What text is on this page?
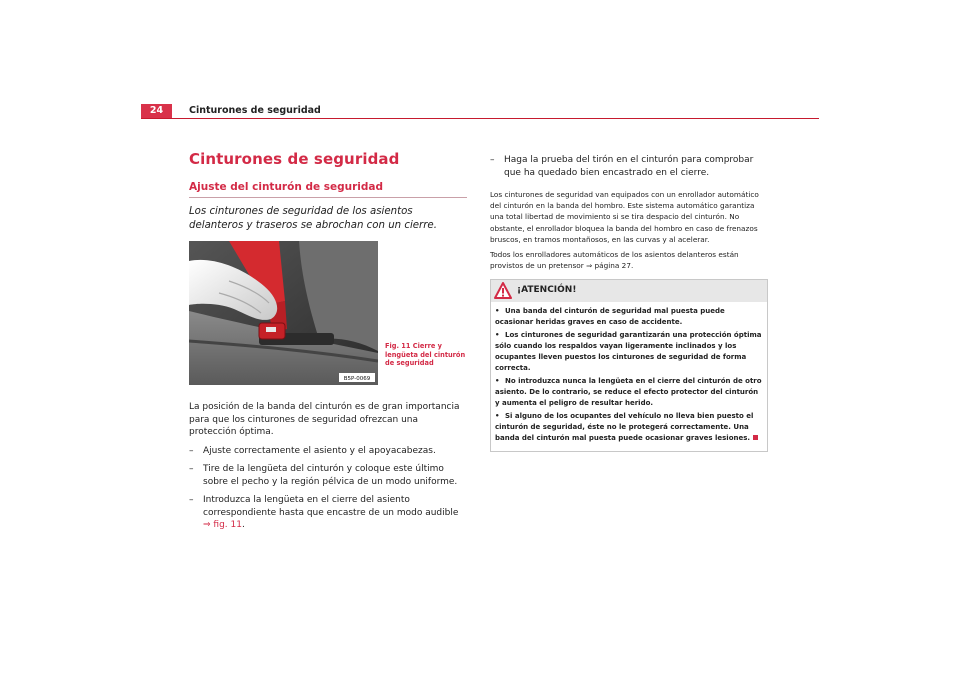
24	Cinturones de seguridad
Cinturones de seguridad
Ajuste del cinturón de seguridad

Los cinturones de seguridad de los asientos delanteros y traseros se abrochan con un cierre.

B5P-0069
Fig. 11 Cierre y lengüeta del cinturón de seguridad

La posición de la banda del cinturón es de gran importancia para que los cinturones de seguridad ofrezcan una protección óptima.

– Ajuste correctamente el asiento y el apoyacabezas.
– Tire de la lengüeta del cinturón y coloque este último sobre el pecho y la región pélvica de un modo uniforme.
– Introduzca la lengüeta en el cierre del asiento correspondiente hasta que encastre de un modo audible ⇒ fig. 11.
– Haga la prueba del tirón en el cinturón para comprobar que ha quedado bien encastrado en el cierre.

Los cinturones de seguridad van equipados con un enrollador automático del cinturón en la banda del hombro. Este sistema automático garantiza una total libertad de movimiento si se tira despacio del cinturón. No obstante, el enrollador bloquea la banda del hombro en caso de frenazos bruscos, en tramos montañosos, en las curvas y al acelerar.

Todos los enrolladores automáticos de los asientos delanteros están provistos de un pretensor ⇒ página 27.

¡ATENCIÓN!

• Una banda del cinturón de seguridad mal puesta puede ocasionar heridas graves en caso de accidente.

• Los cinturones de seguridad garantizarán una protección óptima sólo cuando los respaldos vayan ligeramente inclinados y los ocupantes lleven puestos los cinturones de seguridad de forma correcta.

• No introduzca nunca la lengüeta en el cierre del cinturón de otro asiento. De lo contrario, se reduce el efecto protector del cinturón y aumenta el peligro de resultar herido.

• Si alguno de los ocupantes del vehículo no lleva bien puesto el cinturón de seguridad, éste no le protegerá correctamente. Una banda del cinturón mal puesta puede ocasionar graves lesiones.
